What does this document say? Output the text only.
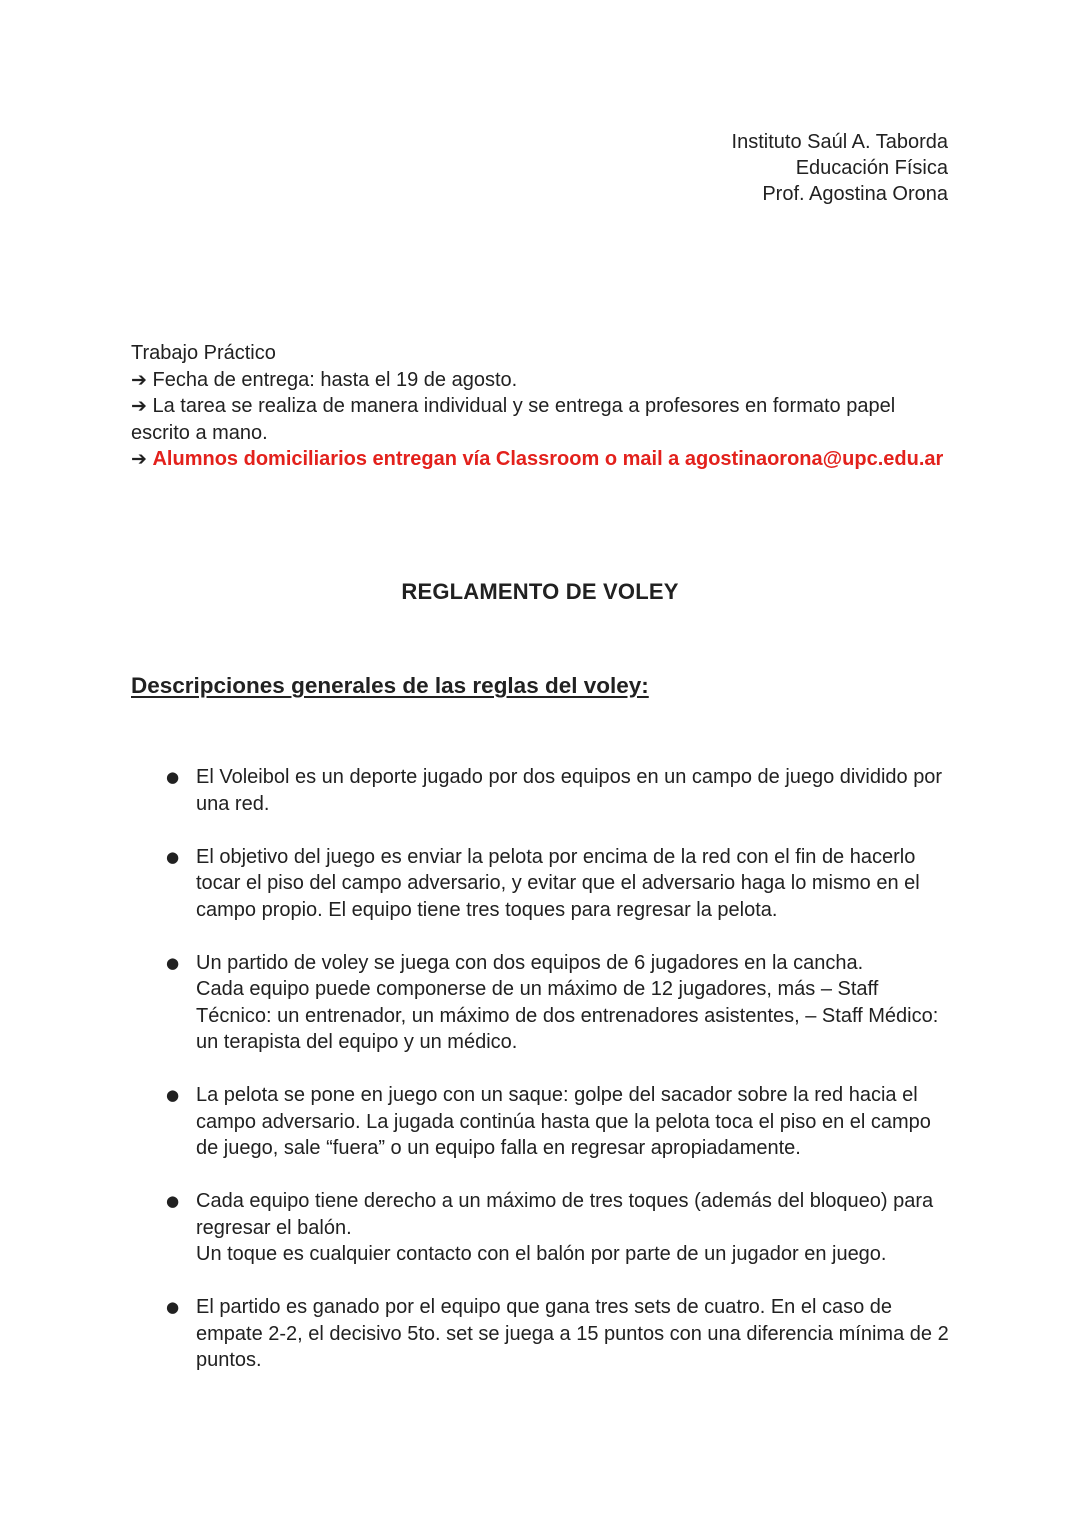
Instituto Saúl A. Taborda
Educación Física
Prof. Agostina Orona

Trabajo Práctico

➔ Fecha de entrega: hasta el 19 de agosto.

➔ La tarea se realiza de manera individual y se entrega a profesores en formato papel escrito a mano.

➔ Alumnos domiciliarios entregan vía Classroom o mail a agostinaorona@upc.edu.ar

REGLAMENTO DE VOLEY
Descripciones generales de las reglas del voley:
● El Voleibol es un deporte jugado por dos equipos en un campo de juego dividido por una red.
● El objetivo del juego es enviar la pelota por encima de la red con el fin de hacerlo tocar el piso del campo adversario, y evitar que el adversario haga lo mismo en el campo propio. El equipo tiene tres toques para regresar la pelota.
● Un partido de voley se juega con dos equipos de 6 jugadores en la cancha.
Cada equipo puede componerse de un máximo de 12 jugadores, más – Staff Técnico: un entrenador, un máximo de dos entrenadores asistentes, – Staff Médico: un terapista del equipo y un médico.
● La pelota se pone en juego con un saque: golpe del sacador sobre la red hacia el campo adversario. La jugada continúa hasta que la pelota toca el piso en el campo de juego, sale “fuera” o un equipo falla en regresar apropiadamente.
● Cada equipo tiene derecho a un máximo de tres toques (además del bloqueo) para regresar el balón.
Un toque es cualquier contacto con el balón por parte de un jugador en juego.
● El partido es ganado por el equipo que gana tres sets de cuatro. En el caso de empate 2-2, el decisivo 5to. set se juega a 15 puntos con una diferencia mínima de 2 puntos.
